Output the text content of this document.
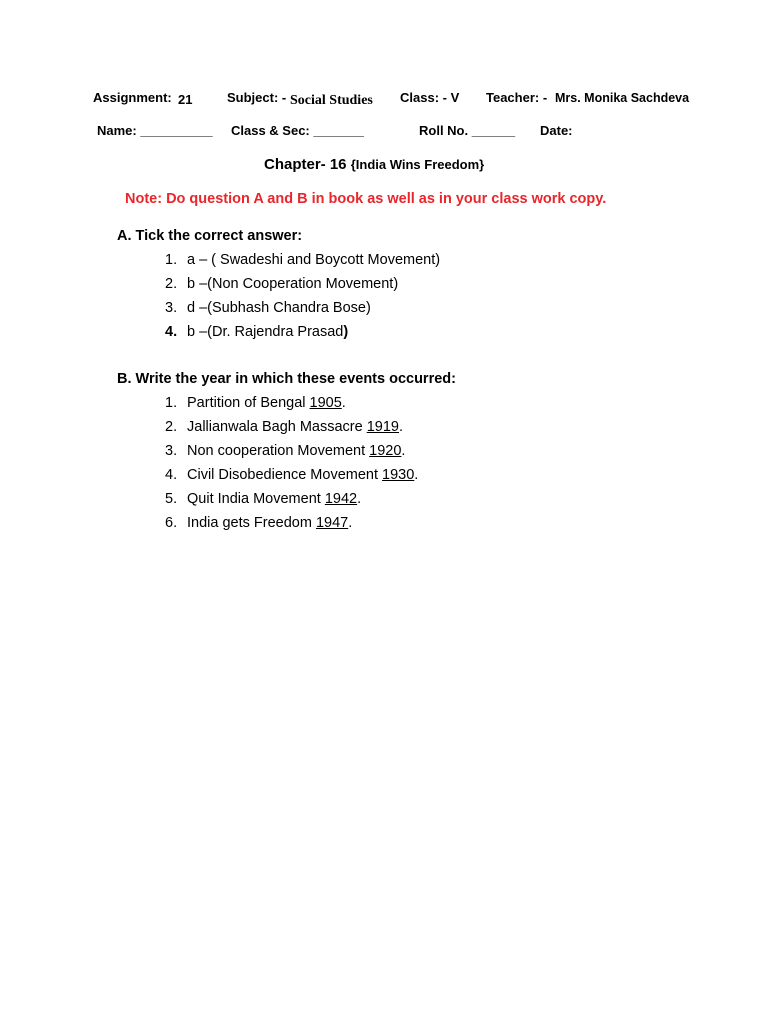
Assignment: 21	Subject: - Social Studies Class: - V Teacher: - Mrs. Monika Sachdeva
Name: __________ Class & Sec: _______	Roll No. ______ Date:
Chapter- 16 {India Wins Freedom}
Note: Do question A and B in book as well as in your class work copy.
A. Tick the correct answer:
1. a – ( Swadeshi and Boycott Movement)
2. b –(Non Cooperation Movement)
3. d –(Subhash Chandra Bose)
4. b –(Dr. Rajendra Prasad)
B. Write the year in which these events occurred:
1. Partition of Bengal 1905.
2. Jallianwala Bagh Massacre 1919.
3. Non cooperation Movement 1920.
4. Civil Disobedience Movement 1930.
5. Quit India Movement 1942.
6. India gets Freedom 1947.
